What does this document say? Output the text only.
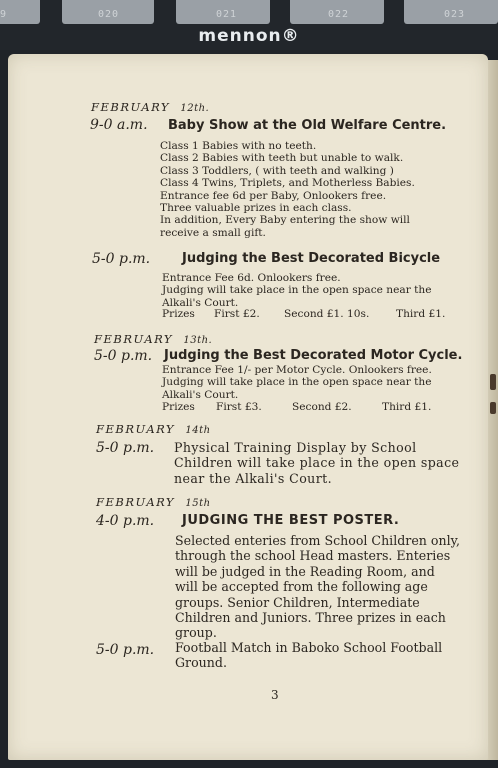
9	020	021	022	023
mennon®
FEBRUARY 12th.
9-0 a.m. Baby Show at the Old Welfare Centre.
Class 1 Babies with no teeth.
Class 2 Babies with teeth but unable to walk.
Class 3 Toddlers, ( with teeth and walking )
Class 4 Twins, Triplets, and Motherless Babies.
Entrance fee 6d per Baby, Onlookers free.
Three valuable prizes in each class.
In addition, Every Baby entering the show will
receive a small gift.
5-0 p.m. Judging the Best Decorated Bicycle
Entrance Fee 6d. Onlookers free.
Judging will take place in the open space near the
Alkali's Court.
Prizes First £2. Second £1. 10s.	Third £1.
FEBRUARY 13th.
5-0 p.m. Judging the Best Decorated Motor Cycle.
Entrance Fee 1/- per Motor Cycle. Onlookers free.
Judging will take place in the open space near the
Alkali's Court.
Prizes First £3.	Second £2.	Third £1.
FEBRUARY 14th
5-0 p.m. Physical Training Display by School
Children will take place in the open space
near the Alkali's Court.
FEBRUARY 15th
4-0 p.m. JUDGING THE BEST POSTER.
Selected enteries from School Children only,
through the school Head masters. Enteries
will be judged in the Reading Room, and
will be accepted from the following age
groups. Senior Children, Intermediate
Children and Juniors. Three prizes in each
group.
5-0 p.m. Football Match in Baboko School Football
Ground.
3
